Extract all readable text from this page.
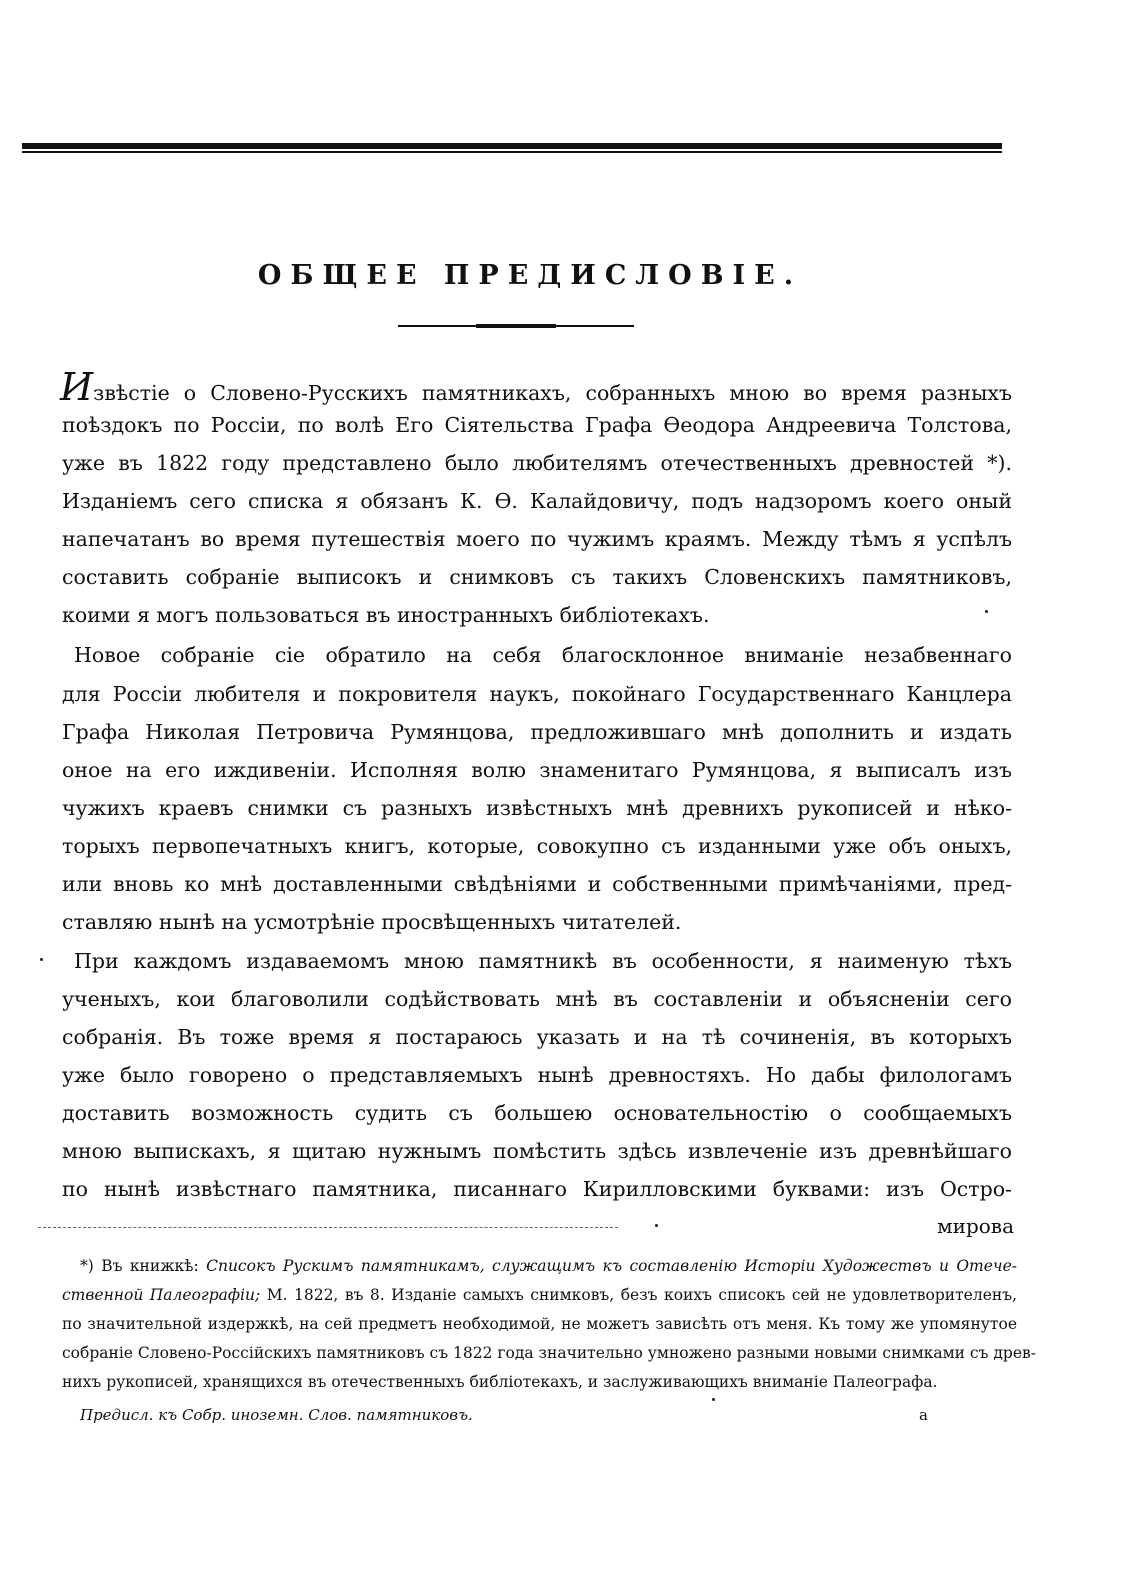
ОБЩЕЕ ПРЕДИСЛОВІЕ.
Извѣстіе о Словено-Русскихъ памятникахъ, собранныхъ мною во время разныхъ
поѣздокъ по Россіи, по волѣ Его Сіятельства Графа Ѳеодора Андреевича Толстова,
уже въ 1822 году представлено было любителямъ отечественныхъ древностей *).
Изданіемъ сего списка я обязанъ К. Ѳ. Калайдовичу, подъ надзоромъ коего оный
напечатанъ во время путешествія моего по чужимъ краямъ. Между тѣмъ я успѣлъ
составить собраніе выписокъ и снимковъ съ такихъ Словенскихъ памятниковъ,
коими я могъ пользоваться въ иностранныхъ библіотекахъ.
Новое собраніе сіе обратило на себя благосклонное вниманіе незабвеннаго
для Россіи любителя и покровителя наукъ, покойнаго Государственнаго Канцлера
Графа Николая Петровича Румянцова, предложившаго мнѣ дополнить и издать
оное на его иждивеніи. Исполняя волю знаменитаго Румянцова, я выписалъ изъ
чужихъ краевъ снимки съ разныхъ извѣстныхъ мнѣ древнихъ рукописей и нѣко-
торыхъ первопечатныхъ книгъ, которые, совокупно съ изданными уже объ оныхъ,
или вновь ко мнѣ доставленными свѣдѣніями и собственными примѣчаніями, пред-
ставляю нынѣ на усмотрѣніе просвѣщенныхъ читателей.
При каждомъ издаваемомъ мною памятникѣ въ особенности, я наименую тѣхъ
ученыхъ, кои благоволили содѣйствовать мнѣ въ составленіи и объясненіи сего
собранія. Въ тоже время я постараюсь указать и на тѣ сочиненія, въ которыхъ
уже было говорено о представляемыхъ нынѣ древностяхъ. Но дабы филологамъ
доставить возможность судить съ большею основательностію о сообщаемыхъ
мною выпискахъ, я щитаю нужнымъ помѣстить здѣсь извлеченіе изъ древнѣйшаго
по нынѣ извѣстнаго памятника, писаннаго Кирилловскими буквами: изъ Остро-
мирова
*) Въ книжкѣ: Списокъ Рускимъ памятникамъ, служащимъ къ составленію Исторіи Художествъ и Отече-
ственной Палеографіи; М. 1822, въ 8. Изданіе самыхъ снимковъ, безъ коихъ списокъ сей не удовлетворителенъ,
по значительной издержкѣ, на сей предметъ необходимой, не можетъ зависѣть отъ меня. Къ тому же упомянутое
собраніе Словено-Россійскихъ памятниковъ съ 1822 года значительно умножено разными новыми снимками съ древ-
нихъ рукописей, хранящихся въ отечественныхъ библіотекахъ, и заслуживающихъ вниманіе Палеографа.
Предисл. къ Собр. иноземн. Слов. памятниковъ.	a
